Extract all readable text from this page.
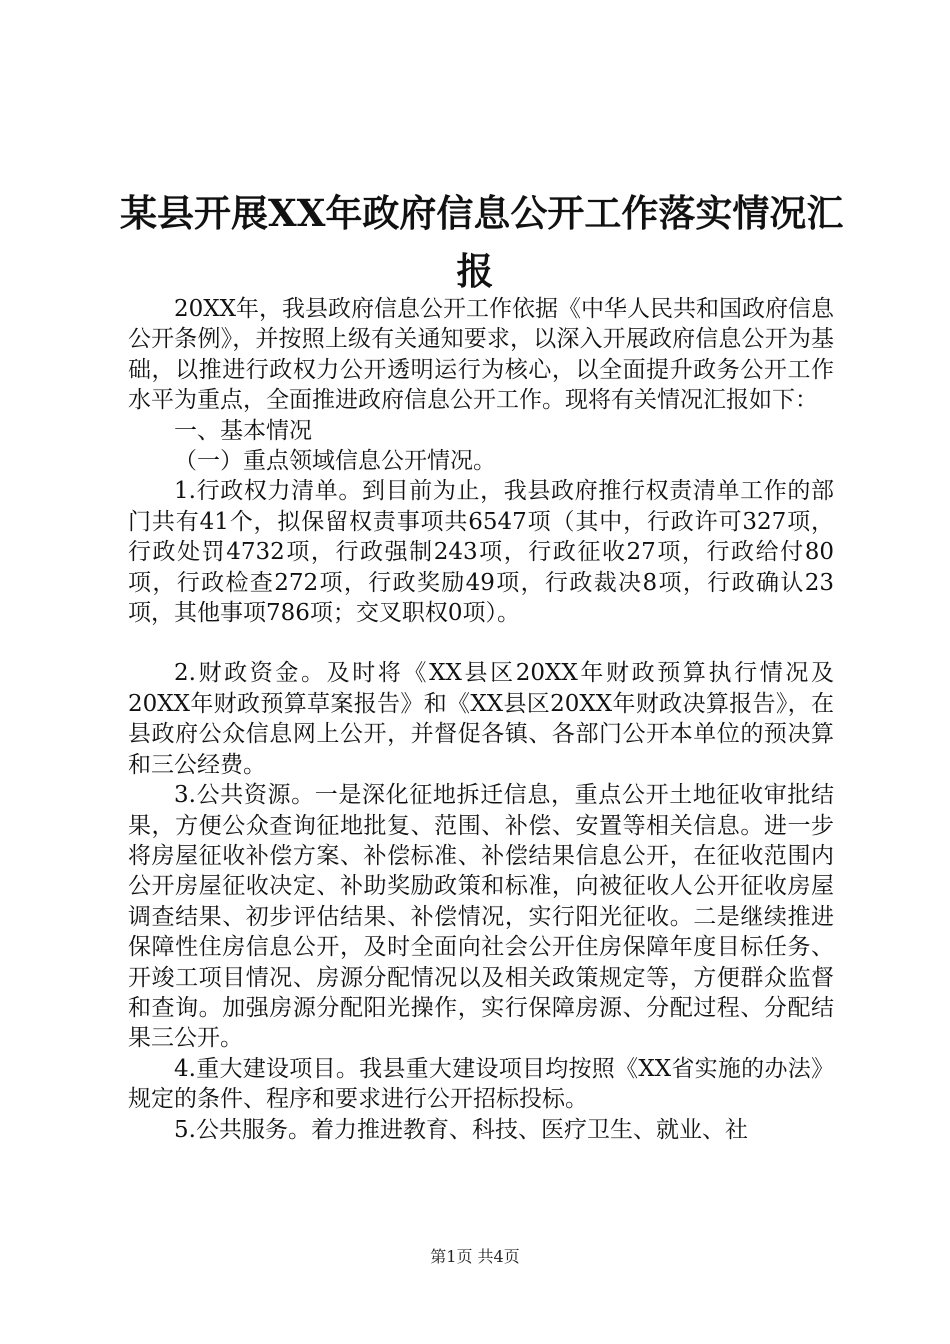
某县开展XX年政府信息公开工作落实情况汇
报

20XX年，我县政府信息公开工作依据《中华人民共和国政府信息公开条例》，并按照上级有关通知要求，以深入开展政府信息公开为基础，以推进行政权力公开透明运行为核心，以全面提升政务公开工作水平为重点，全面推进政府信息公开工作。现将有关情况汇报如下：

一、基本情况

（一）重点领域信息公开情况。

1.行政权力清单。到目前为止，我县政府推行权责清单工作的部门共有41个，拟保留权责事项共6547项（其中，行政许可327项，行政处罚4732项，行政强制243项，行政征收27项，行政给付80项，行政检查272项，行政奖励49项，行政裁决8项，行政确认23项，其他事项786项；交叉职权0项）。

2.财政资金。及时将《XX县区20XX年财政预算执行情况及20XX年财政预算草案报告》和《XX县区20XX年财政决算报告》，在县政府公众信息网上公开，并督促各镇、各部门公开本单位的预决算和三公经费。

3.公共资源。一是深化征地拆迁信息，重点公开土地征收审批结果，方便公众查询征地批复、范围、补偿、安置等相关信息。进一步将房屋征收补偿方案、补偿标准、补偿结果信息公开，在征收范围内公开房屋征收决定、补助奖励政策和标准，向被征收人公开征收房屋调查结果、初步评估结果、补偿情况，实行阳光征收。二是继续推进保障性住房信息公开，及时全面向社会公开住房保障年度目标任务、开竣工项目情况、房源分配情况以及相关政策规定等，方便群众监督和查询。加强房源分配阳光操作，实行保障房源、分配过程、分配结果三公开。

4.重大建设项目。我县重大建设项目均按照《XX省实施的办法》规定的条件、程序和要求进行公开招标投标。

5.公共服务。着力推进教育、科技、医疗卫生、就业、社

第1页 共4页
